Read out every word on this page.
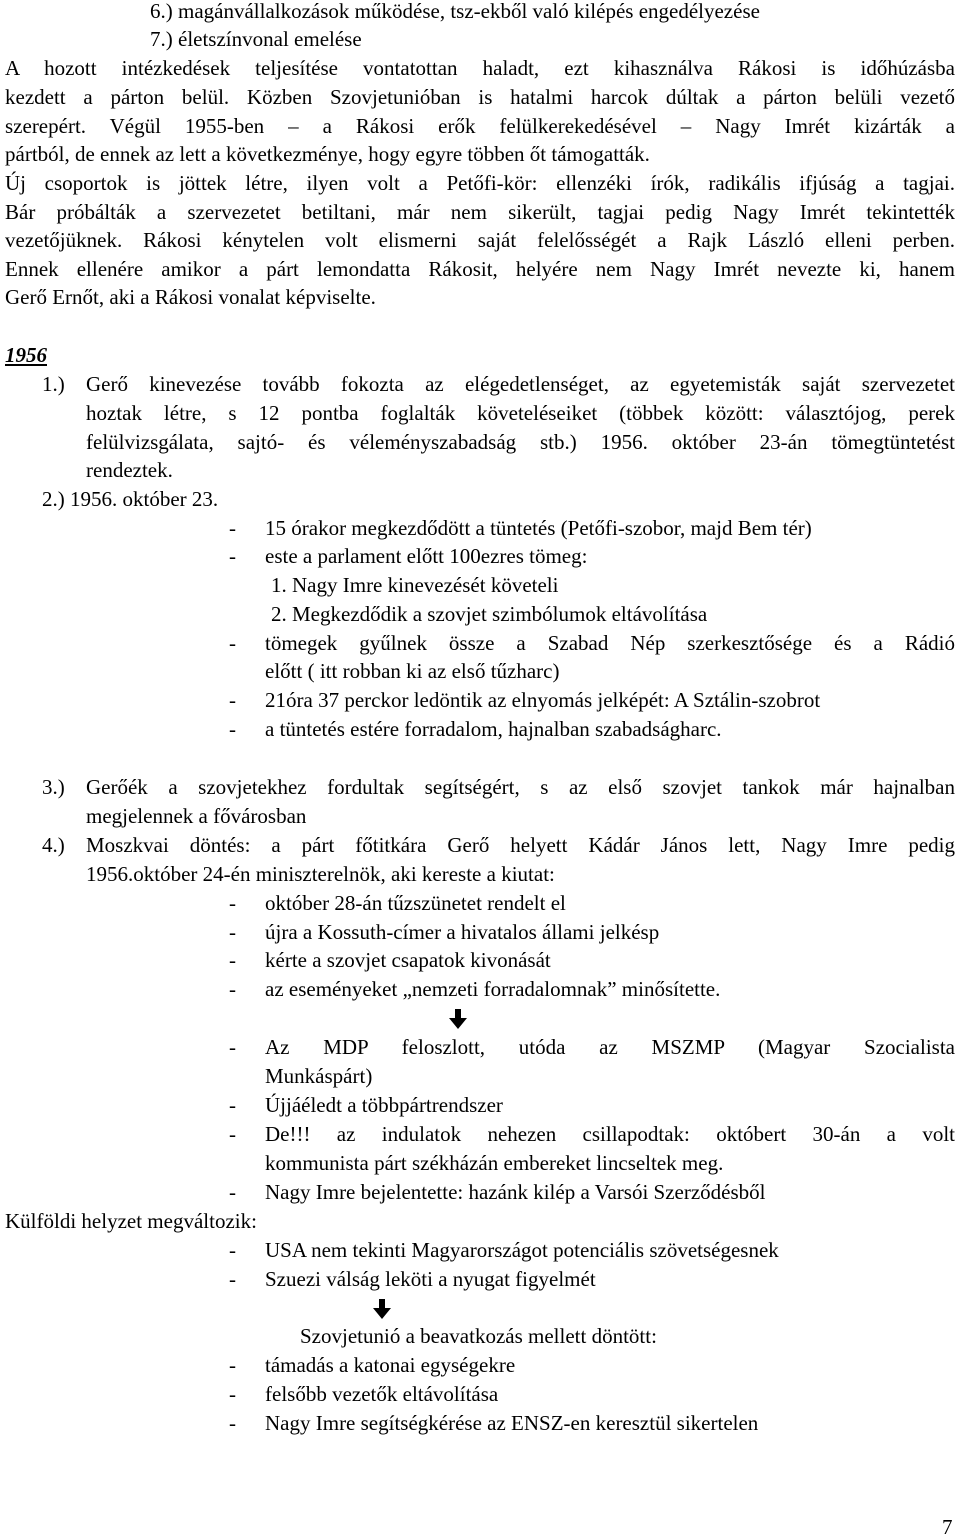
6.) magánvállalkozások működése, tsz-ekből való kilépés engedélyezése
7.) életszínvonal emelése
A hozott intézkedések teljesítése vontatottan haladt, ezt kihasználva Rákosi is időhúzásba
kezdett a párton belül. Közben Szovjetunióban is hatalmi harcok dúltak a párton belüli vezető
szerepért. Végül 1955-ben – a Rákosi erők felülkerekedésével – Nagy Imrét kizárták a
pártból, de ennek az lett a következménye, hogy egyre többen őt támogatták.
Új csoportok is jöttek létre, ilyen volt a Petőfi-kör: ellenzéki írók, radikális ifjúság a tagjai.
Bár próbálták a szervezetet betiltani, már nem sikerült, tagjai pedig Nagy Imrét tekintették
vezetőjüknek. Rákosi kénytelen volt elismerni saját felelősségét a Rajk László elleni perben.
Ennek ellenére amikor a párt lemondatta Rákosit, helyére nem Nagy Imrét nevezte ki, hanem
Gerő Ernőt, aki a Rákosi vonalat képviselte.
1956
1.) Gerő kinevezése tovább fokozta az elégedetlenséget, az egyetemisták saját szervezetet
hoztak létre, s 12 pontba foglalták követeléseiket (többek között: választójog, perek
felülvizsgálata, sajtó- és véleményszabadság stb.) 1956. október 23-án tömegtüntetést
rendeztek.
2.) 1956. október 23.
- 15 órakor megkezdődött a tüntetés (Petőfi-szobor, majd Bem tér)
- este a parlament előtt 100ezres tömeg:
1. Nagy Imre kinevezését követeli
2. Megkezdődik a szovjet szimbólumok eltávolítása
- tömegek gyűlnek össze a Szabad Nép szerkesztősége és a Rádió
előtt ( itt robban ki az első tűzharc)
- 21óra 37 perckor ledöntik az elnyomás jelképét: A Sztálin-szobrot
- a tüntetés estére forradalom, hajnalban szabadságharc.
3.) Gerőék a szovjetekhez fordultak segítségért, s az első szovjet tankok már hajnalban
megjelennek a fővárosban
4.) Moszkvai döntés: a párt főtitkára Gerő helyett Kádár János lett, Nagy Imre pedig
1956.október 24-én miniszterelnök, aki kereste a kiutat:
- október 28-án tűzszünetet rendelt el
- újra a Kossuth-címer a hivatalos állami jelkésp
- kérte a szovjet csapatok kivonását
- az eseményeket „nemzeti forradalomnak” minősítette.
- Az MDP feloszlott, utóda az MSZMP (Magyar Szocialista
Munkáspárt)
- Újjáéledt a többpártrendszer
- De!!! az indulatok nehezen csillapodtak: októbert 30-án a volt
kommunista párt székházán embereket lincseltek meg.
- Nagy Imre bejelentette: hazánk kilép a Varsói Szerződésből
Külföldi helyzet megváltozik:
- USA nem tekinti Magyarországot potenciális szövetségesnek
- Szuezi válság leköti a nyugat figyelmét
Szovjetunió a beavatkozás mellett döntött:
- támadás a katonai egységekre
- felsőbb vezetők eltávolítása
- Nagy Imre segítségkérése az ENSZ-en keresztül sikertelen
7
